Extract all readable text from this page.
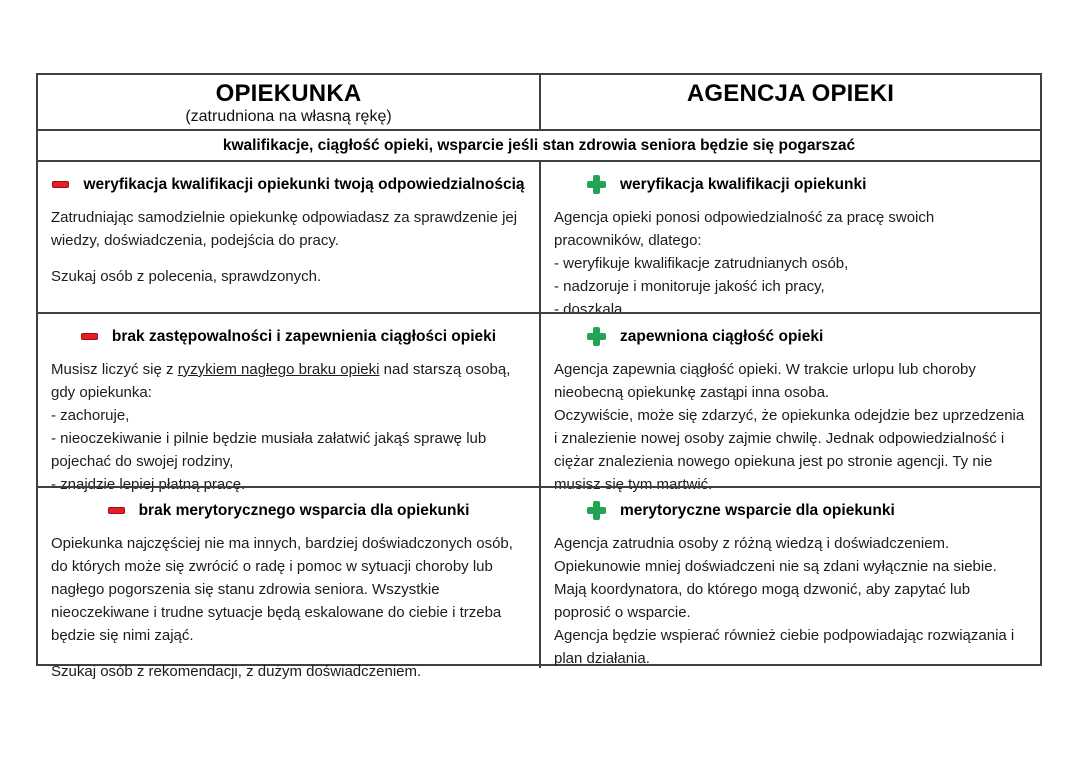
OPIEKUNKA
(zatrudniona na własną rękę)
AGENCJA OPIEKI
kwalifikacje, ciągłość opieki, wsparcie jeśli stan zdrowia seniora będzie się pogarszać
weryfikacja kwalifikacji opiekunki twoją odpowiedzialnością
Zatrudniając samodzielnie opiekunkę odpowiadasz za sprawdzenie jej wiedzy, doświadczenia, podejścia do pracy.
Szukaj osób z polecenia, sprawdzonych.
weryfikacja kwalifikacji opiekunki
Agencja opieki ponosi odpowiedzialność za pracę swoich pracowników, dlatego:
- weryfikuje kwalifikacje zatrudnianych osób,
- nadzoruje i monitoruje jakość ich pracy,
- doszkala.
brak zastępowalności i zapewnienia ciągłości opieki
Musisz liczyć się z ryzykiem nagłego braku opieki nad starszą osobą, gdy opiekunka:
- zachoruje,
- nieoczekiwanie i pilnie będzie musiała załatwić jakąś sprawę lub pojechać do swojej rodziny,
- znajdzie lepiej płatną pracę.
zapewniona ciągłość opieki
Agencja zapewnia ciągłość opieki. W trakcie urlopu lub choroby nieobecną opiekunkę zastąpi inna osoba.
Oczywiście, może się zdarzyć, że opiekunka odejdzie bez uprzedzenia i znalezienie nowej osoby zajmie chwilę. Jednak odpowiedzialność i ciężar znalezienia nowego opiekuna jest po stronie agencji. Ty nie musisz się tym martwić.
brak merytorycznego wsparcia dla opiekunki
Opiekunka najczęściej nie ma innych, bardziej doświadczonych osób, do których może się zwrócić o radę i pomoc w sytuacji choroby lub nagłego pogorszenia się stanu zdrowia seniora. Wszystkie nieoczekiwane i trudne sytuacje będą eskalowane do ciebie i trzeba będzie się nimi zająć.
Szukaj osób z rekomendacji, z dużym doświadczeniem.
merytoryczne wsparcie dla opiekunki
Agencja zatrudnia osoby z różną wiedzą i doświadczeniem.
Opiekunowie mniej doświadczeni nie są zdani wyłącznie na siebie. Mają koordynatora, do którego mogą dzwonić, aby zapytać lub poprosić o wsparcie.
Agencja będzie wspierać również ciebie podpowiadając rozwiązania i plan działania.
